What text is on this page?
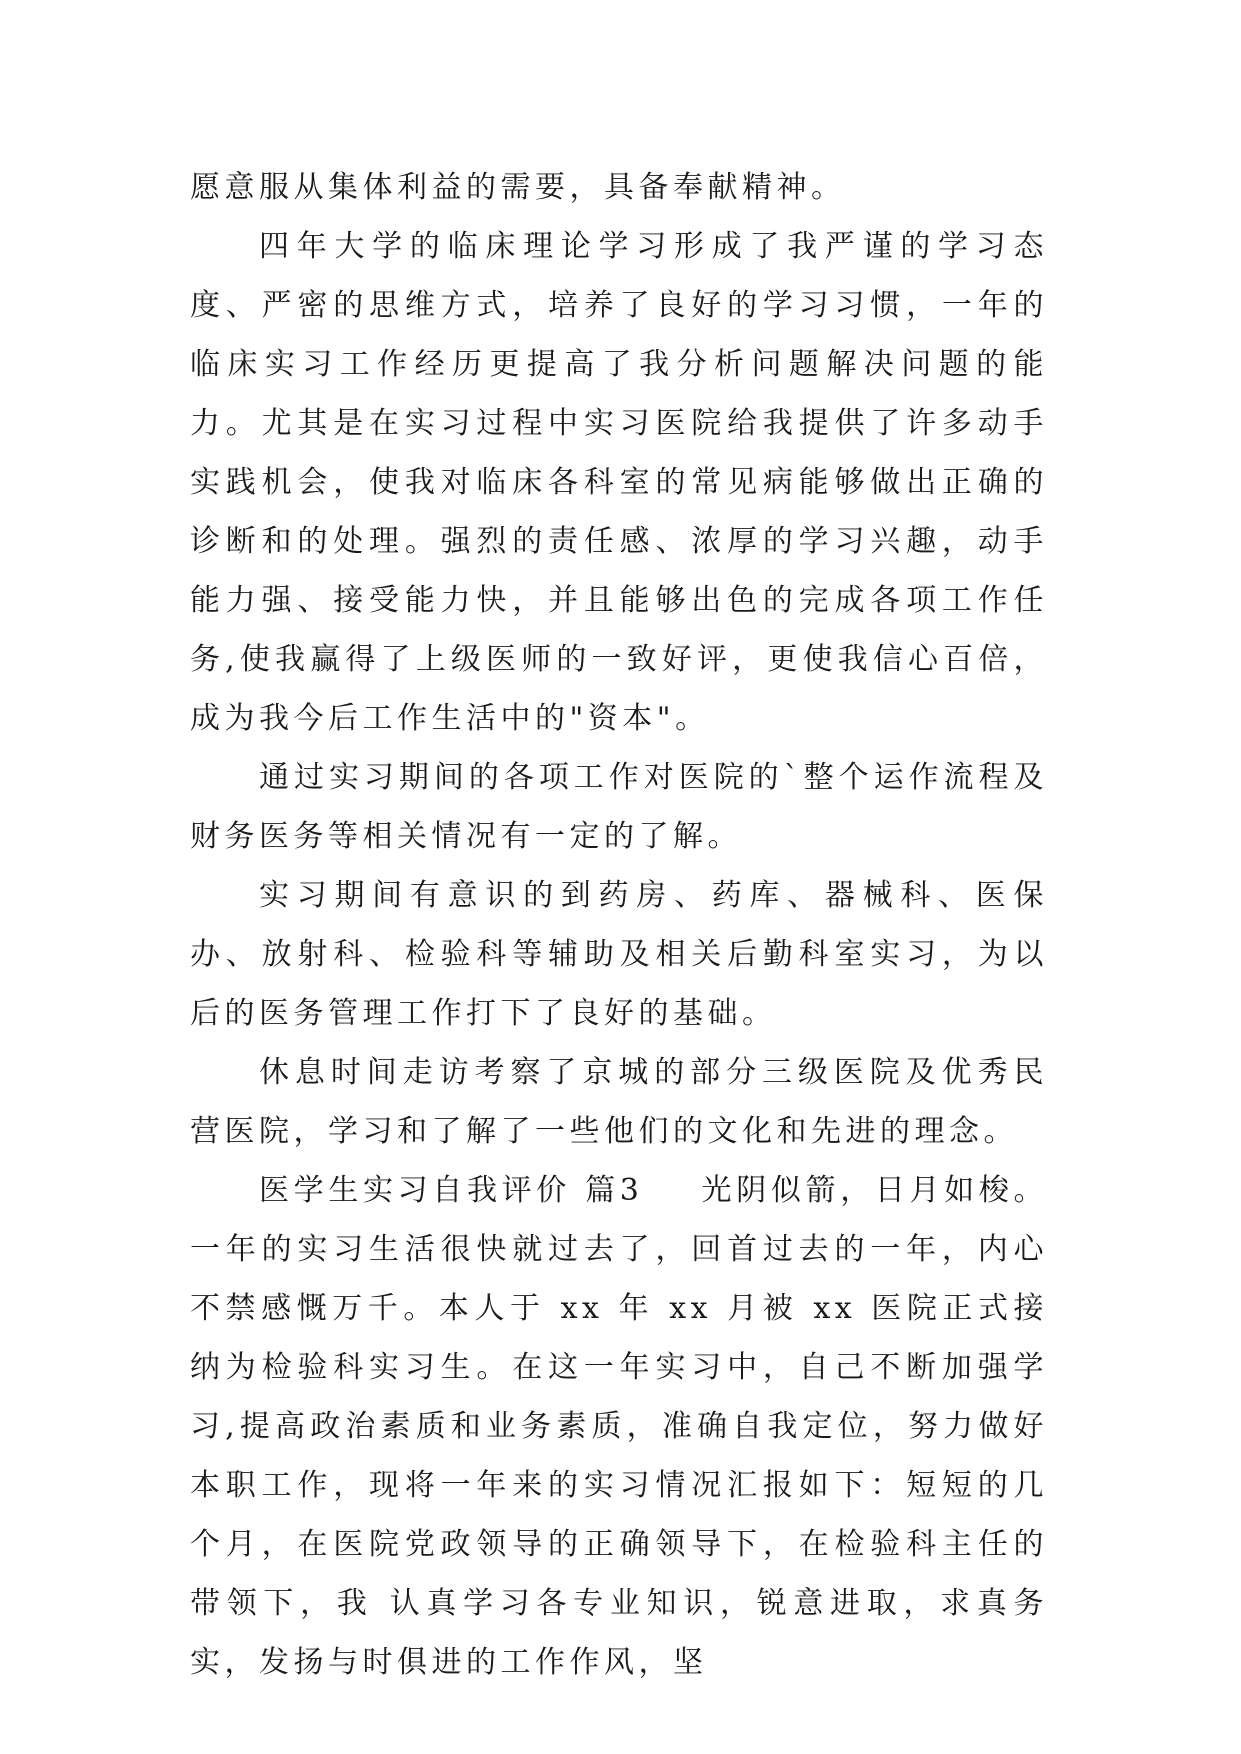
愿意服从集体利益的需要，具备奉献精神。

四年大学的临床理论学习形成了我严谨的学习态度、严密的思维方式，培养了良好的学习习惯，一年的临床实习工作经历更提高了我分析问题解决问题的能力。尤其是在实习过程中实习医院给我提供了许多动手实践机会，使我对临床各科室的常见病能够做出正确的诊断和的处理。强烈的责任感、浓厚的学习兴趣，动手能力强、接受能力快，并且能够出色的完成各项工作任务,使我赢得了上级医师的一致好评，更使我信心百倍，成为我今后工作生活中的"资本"。

通过实习期间的各项工作对医院的`整个运作流程及财务医务等相关情况有一定的了解。

实习期间有意识的到药房、药库、器械科、医保办、放射科、检验科等辅助及相关后勤科室实习，为以后的医务管理工作打下了良好的基础。

休息时间走访考察了京城的部分三级医院及优秀民营医院，学习和了解了一些他们的文化和先进的理念。

医学生实习自我评价 篇3 光阴似箭，日月如梭。一年的实习生活很快就过去了，回首过去的一年，内心不禁感慨万千。本人于 xx 年 xx 月被 xx 医院正式接纳为检验科实习生。在这一年实习中，自己不断加强学习,提高政治素质和业务素质，准确自我定位，努力做好本职工作，现将一年来的实习情况汇报如下：短短的几个月，在医院党政领导的正确领导下，在检验科主任的带领下，我 认真学习各专业知识，锐意进取，求真务实，发扬与时俱进的工作作风，坚
